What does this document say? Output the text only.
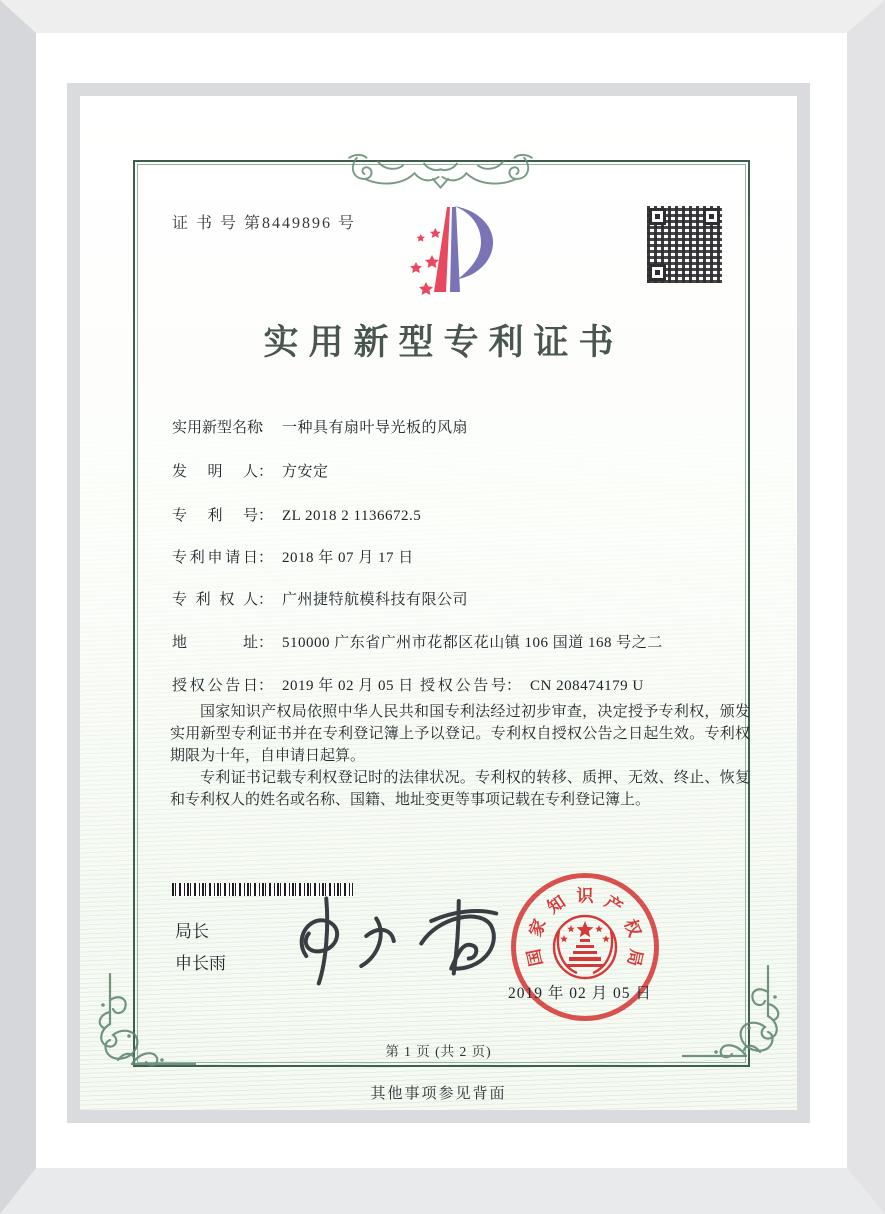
证 书 号 第8449896 号
实用新型专利证书
实用新型名称： 一种具有扇叶导光板的风扇
发明人： 方安定
专利号： ZL 2018 2 1136672.5
专利申请日： 2018 年 07 月 17 日
专利权人： 广州捷特航模科技有限公司
地址： 510000 广东省广州市花都区花山镇 106 国道 168 号之二
授权公告日： 2019 年 02 月 05 日 授权公告号： CN 208474179 U

国家知识产权局依照中华人民共和国专利法经过初步审查，决定授予专利权，颁发实用新型专利证书并在专利登记簿上予以登记。专利权自授权公告之日起生效。专利权期限为十年，自申请日起算。

专利证书记载专利权登记时的法律状况。专利权的转移、质押、无效、终止、恢复和专利权人的姓名或名称、国籍、地址变更等事项记载在专利登记簿上。

局长
申长雨	国
家
知 识 产
权
局
2019 年 02 月 05 日
第 1 页 (共 2 页)
其他事项参见背面
